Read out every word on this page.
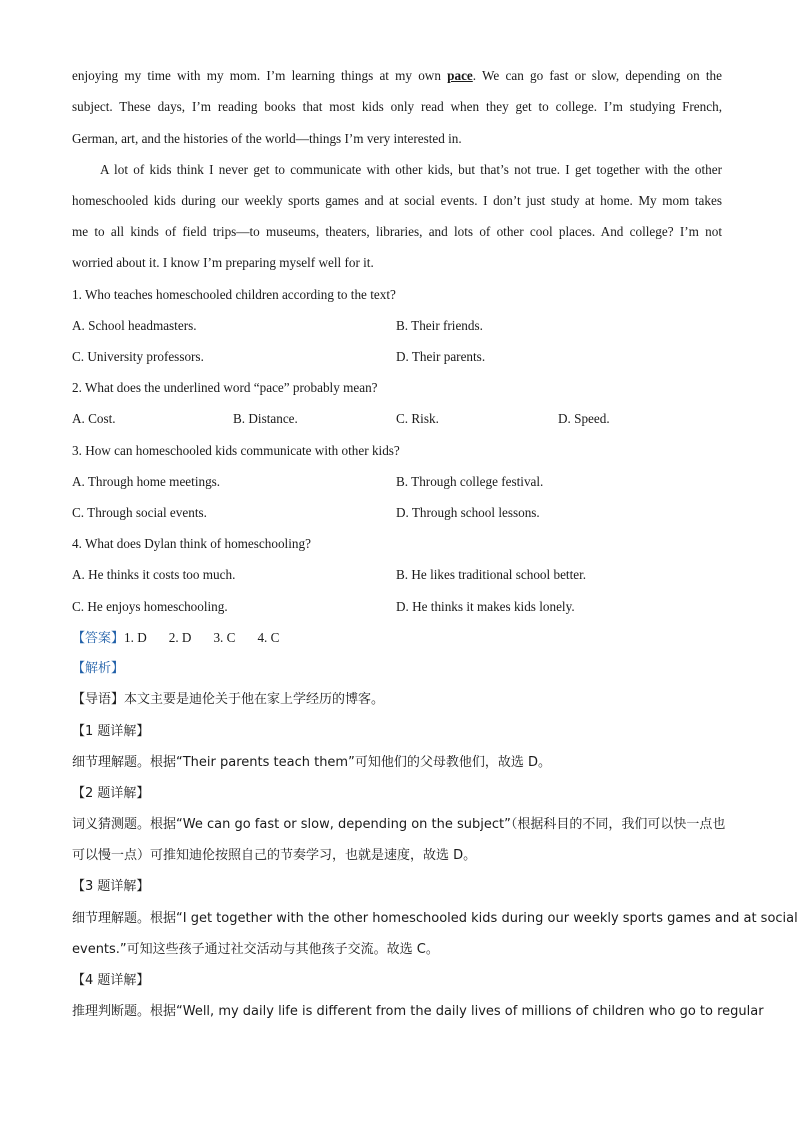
enjoying my time with my mom. I’m learning things at my own pace. We can go fast or slow, depending on the
subject. These days, I’m reading books that most kids only read when they get to college. I’m studying French,
German, art, and the histories of the world—things I’m very interested in.
A lot of kids think I never get to communicate with other kids, but that’s not true. I get together with the other
homeschooled kids during our weekly sports games and at social events. I don’t just study at home. My mom takes
me to all kinds of field trips—to museums, theaters, libraries, and lots of other cool places. And college? I’m not
worried about it. I know I’m preparing myself well for it.
1. Who teaches homeschooled children according to the text?
A. School headmasters.	B. Their friends.
C. University professors.	D. Their parents.
2. What does the underlined word “pace” probably mean?
A. Cost.	B. Distance.	C. Risk.	D. Speed.
3. How can homeschooled kids communicate with other kids?
A. Through home meetings.	B. Through college festival.
C. Through social events.	D. Through school lessons.
4. What does Dylan think of homeschooling?
A. He thinks it costs too much.	B. He likes traditional school better.
C. He enjoys homeschooling.	D. He thinks it makes kids lonely.
【答案】1. D 2. D 3. C 4. C
【解析】
【导语】本文主要是迪伦关于他在家上学经历的博客。
【1 题详解】
细节理解题。根据“Their parents teach them”可知他们的父母教他们，故选 D。
【2 题详解】
词义猜测题。根据“We can go fast or slow, depending on the subject”（根据科目的不同，我们可以快一点也
可以慢一点）可推知迪伦按照自己的节奏学习，也就是速度，故选 D。
【3 题详解】
细节理解题。根据“I get together with the other homeschooled kids during our weekly sports games and at social
events.”可知这些孩子通过社交活动与其他孩子交流。故选 C。
【4 题详解】
推理判断题。根据“Well, my daily life is different from the daily lives of millions of children who go to regular
